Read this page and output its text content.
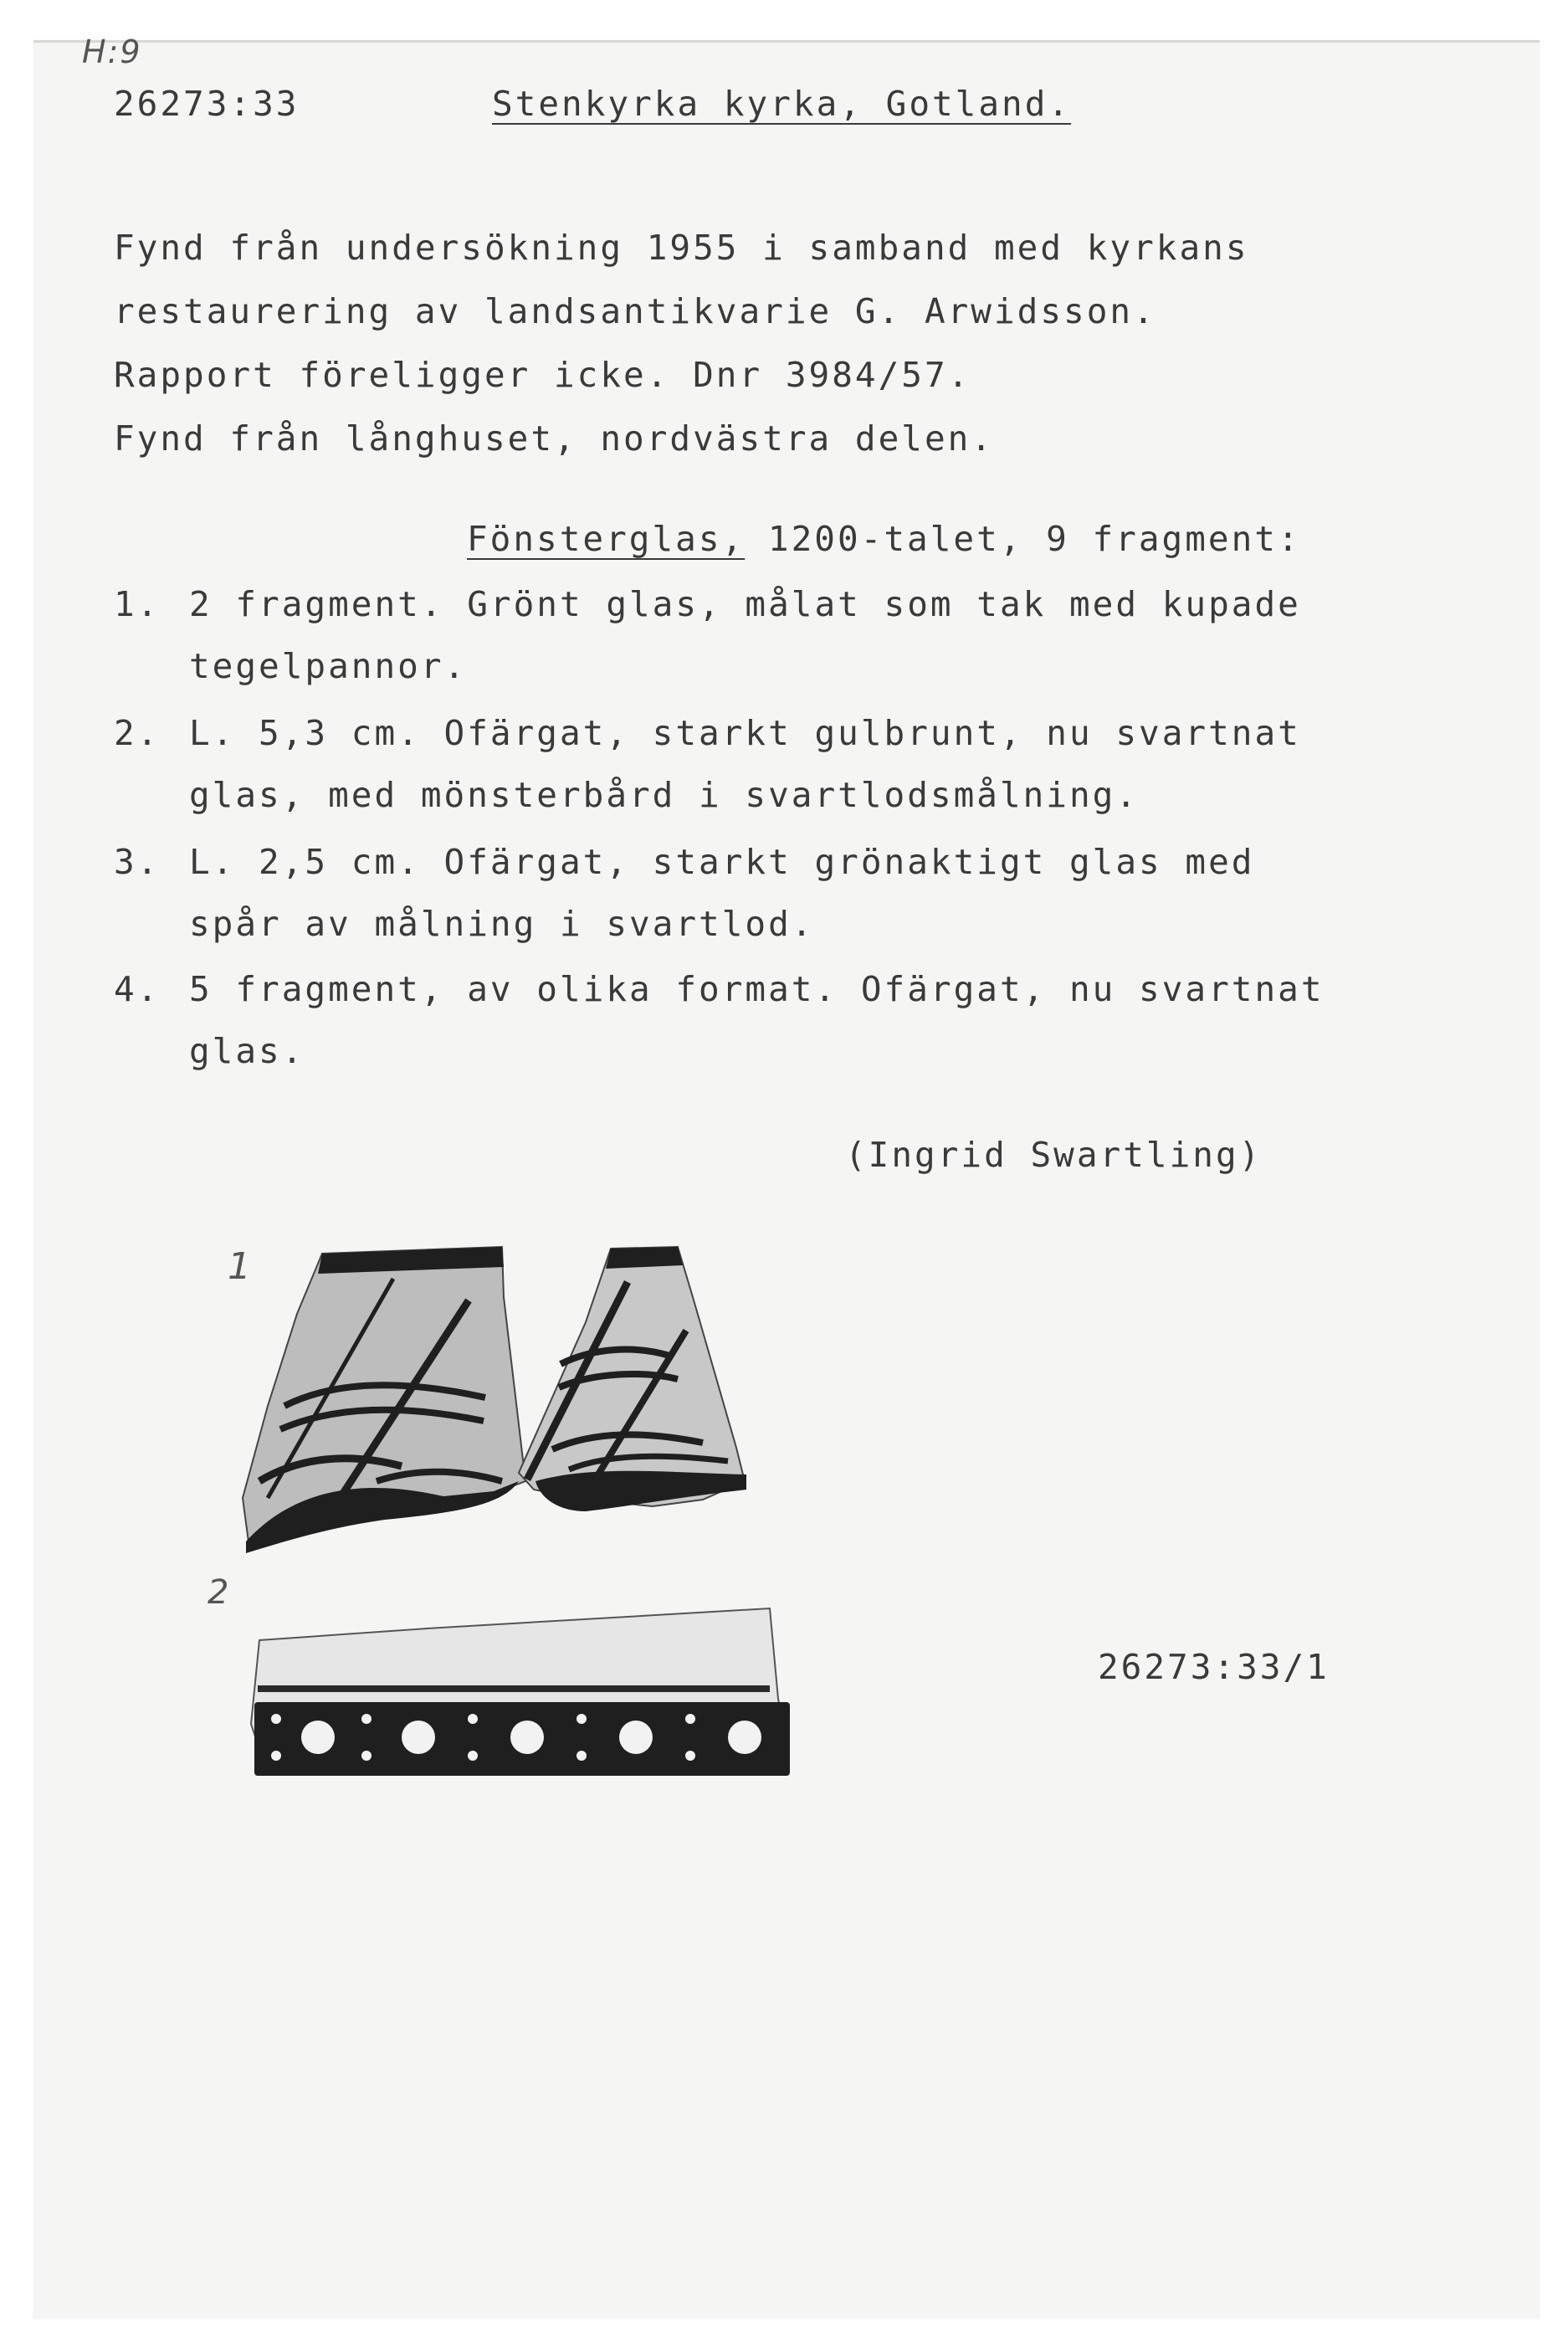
H:9

26273:33	Stenkyrka kyrka, Gotland.

Fynd från undersökning 1955 i samband med kyrkans

restaurering av landsantikvarie G. Arwidsson.

Rapport föreligger icke. Dnr 3984/57.

Fynd från långhuset, nordvästra delen.

Fönsterglas, 1200-talet, 9 fragment:

1. 2 fragment. Grönt glas, målat som tak med kupade

tegelpannor.

2. L. 5,3 cm. Ofärgat, starkt gulbrunt, nu svartnat

glas, med mönsterbård i svartlodsmålning.

3. L. 2,5 cm. Ofärgat, starkt grönaktigt glas med

spår av målning i svartlod.

4. 5 fragment, av olika format. Ofärgat, nu svartnat

glas.

(Ingrid Swartling)

1
2

26273:33/1
